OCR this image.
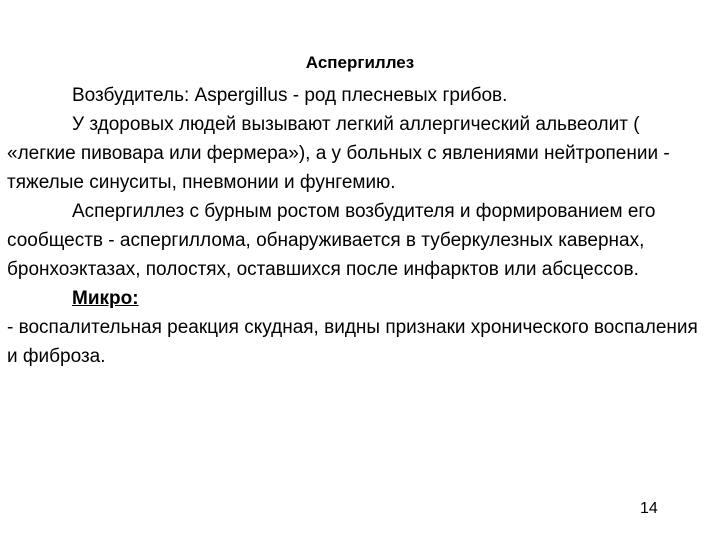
Аспергиллез

Возбудитель: Aspergillus - род плесневых грибов.

У здоровых людей вызывают легкий аллергический альвеолит ( «легкие пивовара или фермера»), а у больных с явлениями нейтропении - тяжелые синуситы, пневмонии и фунгемию.

Аспергиллез с бурным ростом возбудителя и формированием его сообществ - аспергиллома, обнаруживается в туберкулезных кавернах, бронхоэктазах, полостях, оставшихся после инфарктов или абсцессов.

Микро:

- воспалительная реакция скудная, видны признаки хронического воспаления и фиброза.

14
